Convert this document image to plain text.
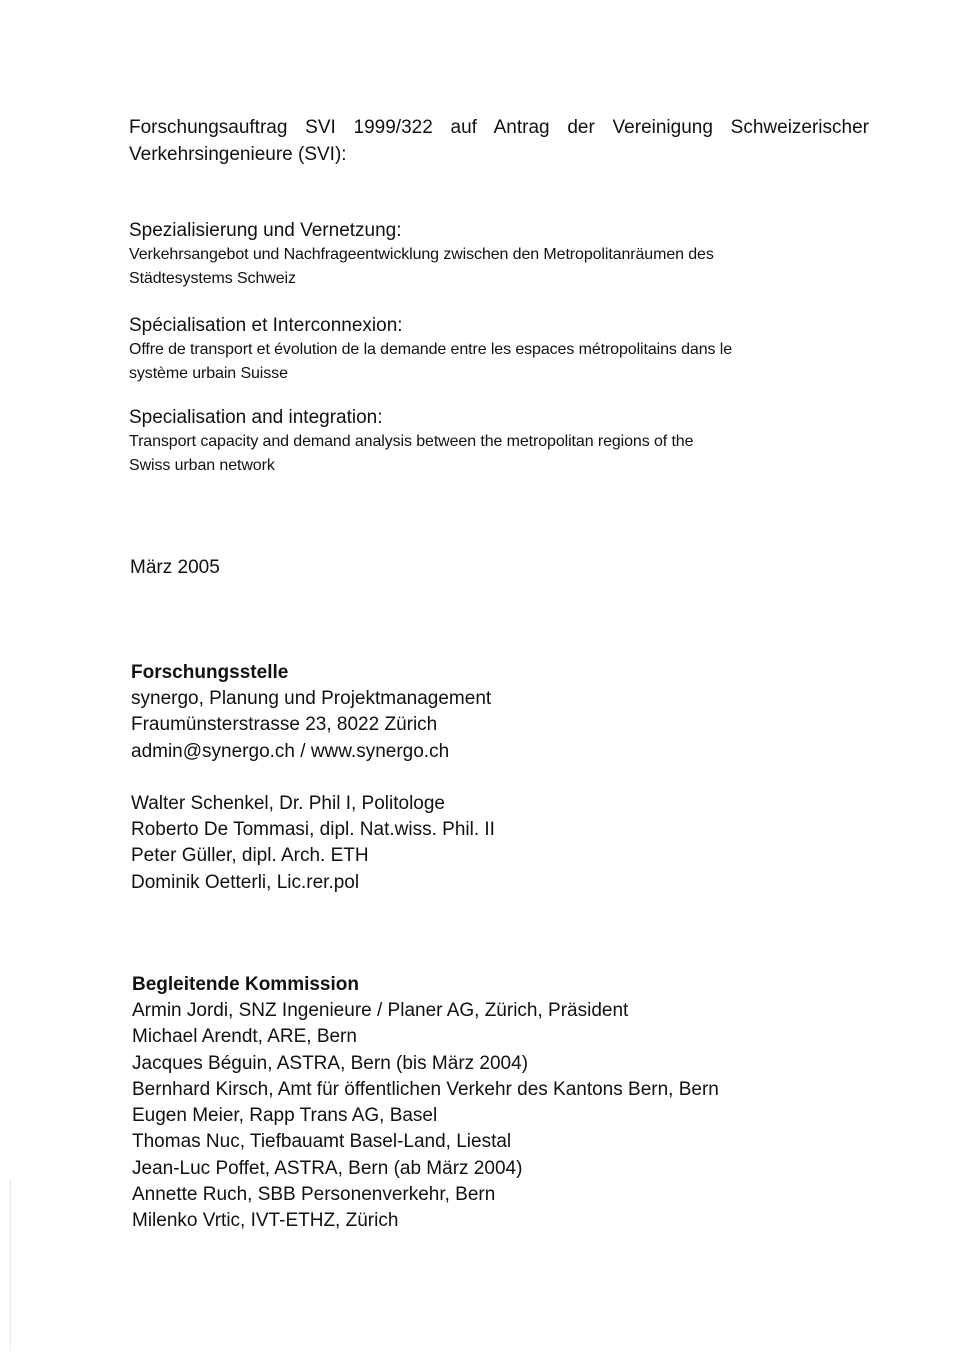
Forschungsauftrag SVI 1999/322 auf Antrag der Vereinigung Schweizerischer
Verkehrsingenieure (SVI):
Spezialisierung und Vernetzung:
Verkehrsangebot und Nachfrageentwicklung zwischen den Metropolitanräumen des
Städtesystems Schweiz
Spécialisation et Interconnexion:
Offre de transport et évolution de la demande entre les espaces métropolitains dans le
système urbain Suisse
Specialisation and integration:
Transport capacity and demand analysis between the metropolitan regions of the
Swiss urban network
März 2005
Forschungsstelle
synergo, Planung und Projektmanagement
Fraumünsterstrasse 23, 8022 Zürich
admin@synergo.ch / www.synergo.ch
Walter Schenkel, Dr. Phil I, Politologe
Roberto De Tommasi, dipl. Nat.wiss. Phil. II
Peter Güller, dipl. Arch. ETH
Dominik Oetterli, Lic.rer.pol
Begleitende Kommission
Armin Jordi, SNZ Ingenieure / Planer AG, Zürich, Präsident
Michael Arendt, ARE, Bern
Jacques Béguin, ASTRA, Bern (bis März 2004)
Bernhard Kirsch, Amt für öffentlichen Verkehr des Kantons Bern, Bern
Eugen Meier, Rapp Trans AG, Basel
Thomas Nuc, Tiefbauamt Basel-Land, Liestal
Jean-Luc Poffet, ASTRA, Bern (ab März 2004)
Annette Ruch, SBB Personenverkehr, Bern
Milenko Vrtic, IVT-ETHZ, Zürich
